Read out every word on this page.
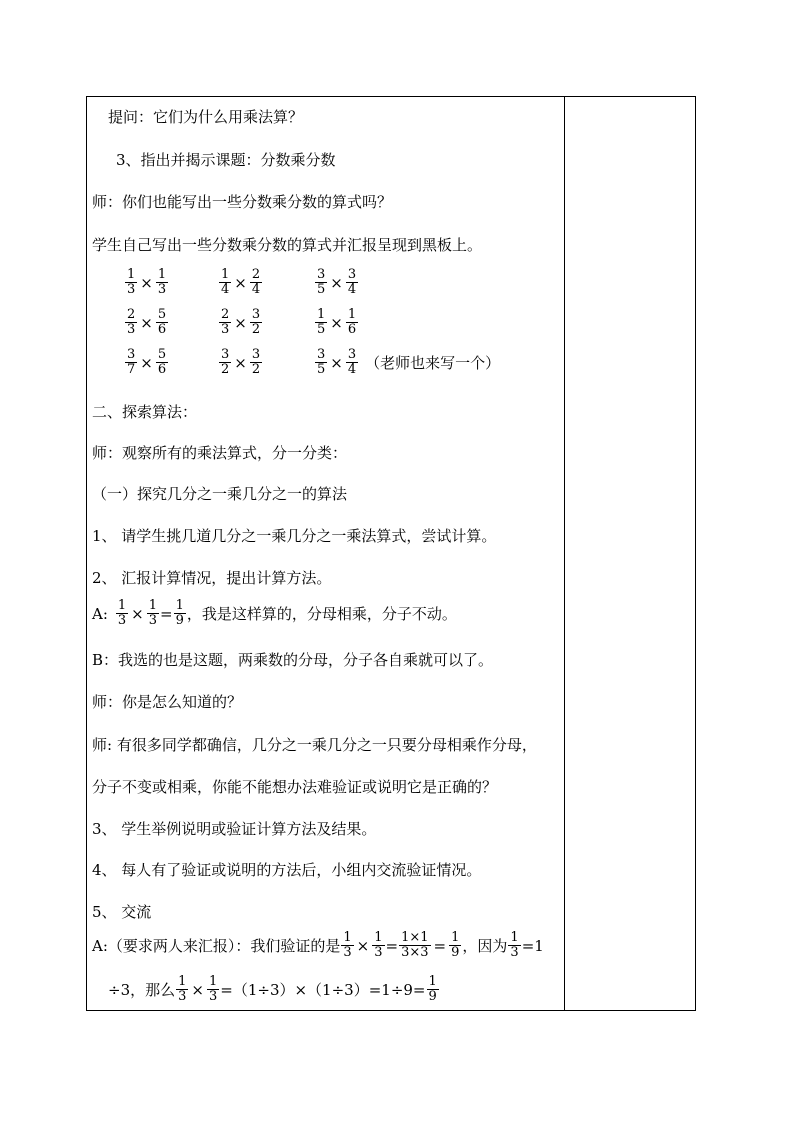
提问：它们为什么用乘法算？
3、指出并揭示课题：分数乘分数
师：你们也能写出一些分数乘分数的算式吗？
学生自己写出一些分数乘分数的算式并汇报呈现到黑板上。
$\frac{1}{3} \times \frac{1}{3}$	$\frac{1}{4} \times \frac{2}{4}$	$\frac{3}{5} \times \frac{3}{4}$
$\frac{2}{3} \times \frac{5}{6}$	$\frac{2}{3} \times \frac{3}{2}$	$\frac{1}{5} \times \frac{1}{6}$
$\frac{3}{7} \times \frac{5}{6}$	$\frac{3}{2} \times \frac{3}{2}$	$\frac{3}{5} \times \frac{3}{4}$ （老师也来写一个）
二、探索算法：
师：观察所有的乘法算式，分一分类：
（一）探究几分之一乘几分之一的算法
1、 请学生挑几道几分之一乘几分之一乘法算式，尝试计算。
2、 汇报计算情况，提出计算方法。
A: $\frac{1}{3} \times \frac{1}{3} = \frac{1}{9}$ ，我是这样算的，分母相乘，分子不动。
B：我选的也是这题，两乘数的分母，分子各自乘就可以了。
师：你是怎么知道的？
师: 有很多同学都确信，几分之一乘几分之一只要分母相乘作分母，
分子不变或相乘，你能不能想办法难验证或说明它是正确的？
3、 学生举例说明或验证计算方法及结果。
4、 每人有了验证或说明的方法后，小组内交流验证情况。
5、 交流
A:（要求两人来汇报）：我们验证的是 $\frac{1}{3} \times \frac{1}{3} = \frac{1\times 1}{3\times 3} = \frac{1}{9}$ ，因为 $\frac{1}{3} =1$
÷3，那么 $\frac{1}{3} \times \frac{1}{3} =(1\div 3)\times(1\div 3)=1\div 9= \frac{1}{9}$
